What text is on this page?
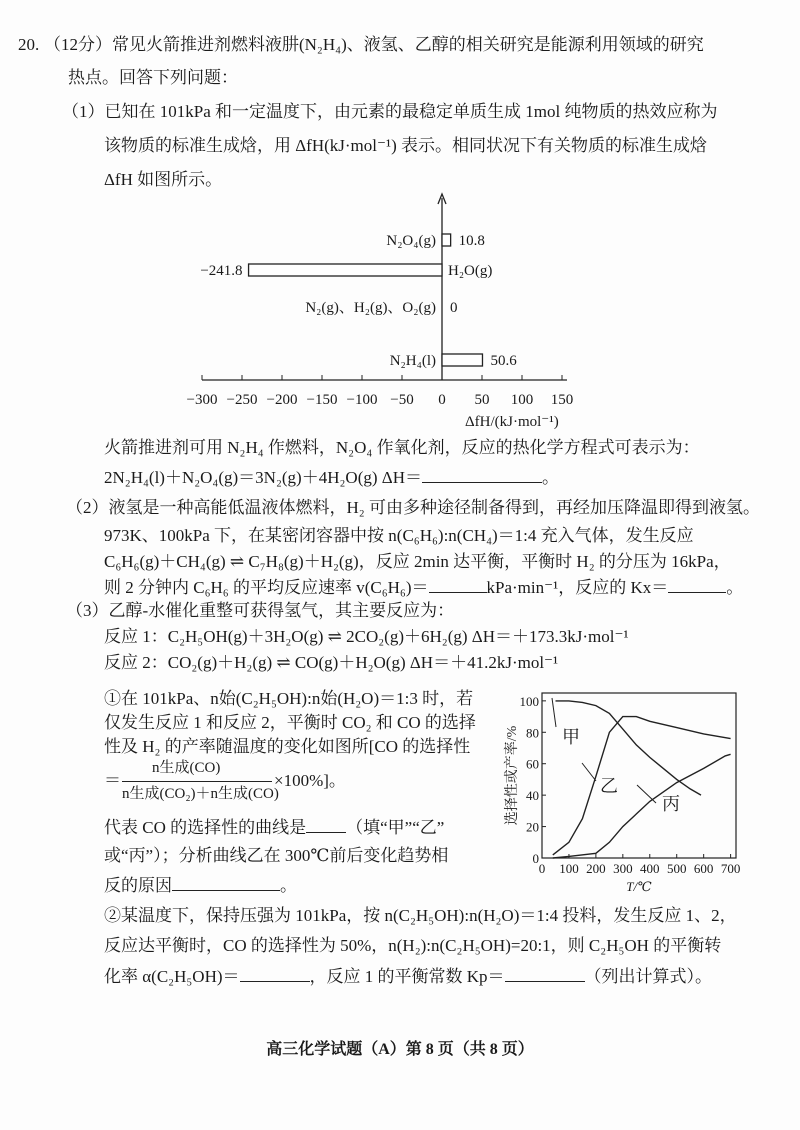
20. （12分）常见火箭推进剂燃料液肼(N₂H₄)、液氢、乙醇的相关研究是能源利用领域的研究
热点。回答下列问题：
（1）已知在 101kPa 和一定温度下，由元素的最稳定单质生成 1mol 纯物质的热效应称为
该物质的标准生成焓，用 ΔfH(kJ·mol⁻¹) 表示。相同状况下有关物质的标准生成焓
ΔfH 如图所示。
−300 −250 −200 −150 −100 −50 0 50 100 150
ΔfH/(kJ·mol⁻¹)
10.8
N₂O₄(g)
−241.8	H₂O(g)
0
N₂(g)、H₂(g)、O₂(g)
50.6
N₂H₄(l)
火箭推进剂可用 N₂H₄ 作燃料，N₂O₄ 作氧化剂，反应的热化学方程式可表示为：
2N₂H₄(l)＋N₂O₄(g)＝3N₂(g)＋4H₂O(g) ΔH＝	。
（2）液氢是一种高能低温液体燃料，H₂ 可由多种途径制备得到，再经加压降温即得到液氢。
973K、100kPa 下，在某密闭容器中按 n(C₆H₆):n(CH₄)＝1:4 充入气体，发生反应
C₆H₆(g)＋CH₄(g) ⇌ C₇H₈(g)＋H₂(g)，反应 2min 达平衡，平衡时 H₂ 的分压为 16kPa，
则 2 分钟内 C₆H₆ 的平均反应速率 v(C₆H₆)＝	kPa·min⁻¹，反应的 Kx＝	。
（3）乙醇-水催化重整可获得氢气，其主要反应为：
反应 1：C₂H₅OH(g)＋3H₂O(g) ⇌ 2CO₂(g)＋6H₂(g) ΔH＝＋173.3kJ·mol⁻¹
反应 2：CO₂(g)＋H₂(g) ⇌ CO(g)＋H₂O(g) ΔH＝＋41.2kJ·mol⁻¹
①在 101kPa、n始(C₂H₅OH):n始(H₂O)＝1:3 时，若
仅发生反应 1 和反应 2，平衡时 CO₂ 和 CO 的选择
性及 H₂ 的产率随温度的变化如图所[CO 的选择性
＝
n生成(CO)
n生成(CO₂)＋n生成(CO)
×100%]。
代表 CO 的选择性的曲线是 （填“甲”“乙”
或“丙”）；分析曲线乙在 300℃前后变化趋势相
反的原因	。
0 100 200 300 400 500 600 700
0
20
40
60
80
100
T/℃
选择性或产率/% 甲
乙
丙
②某温度下，保持压强为 101kPa，按 n(C₂H₅OH):n(H₂O)＝1:4 投料，发生反应 1、2，
反应达平衡时，CO 的选择性为 50%，n(H₂):n(C₂H₅OH)=20:1，则 C₂H₅OH 的平衡转
化率 α(C₂H₅OH)＝	，反应 1 的平衡常数 Kp＝	（列出计算式）。
高三化学试题（A）第 8 页（共 8 页）
